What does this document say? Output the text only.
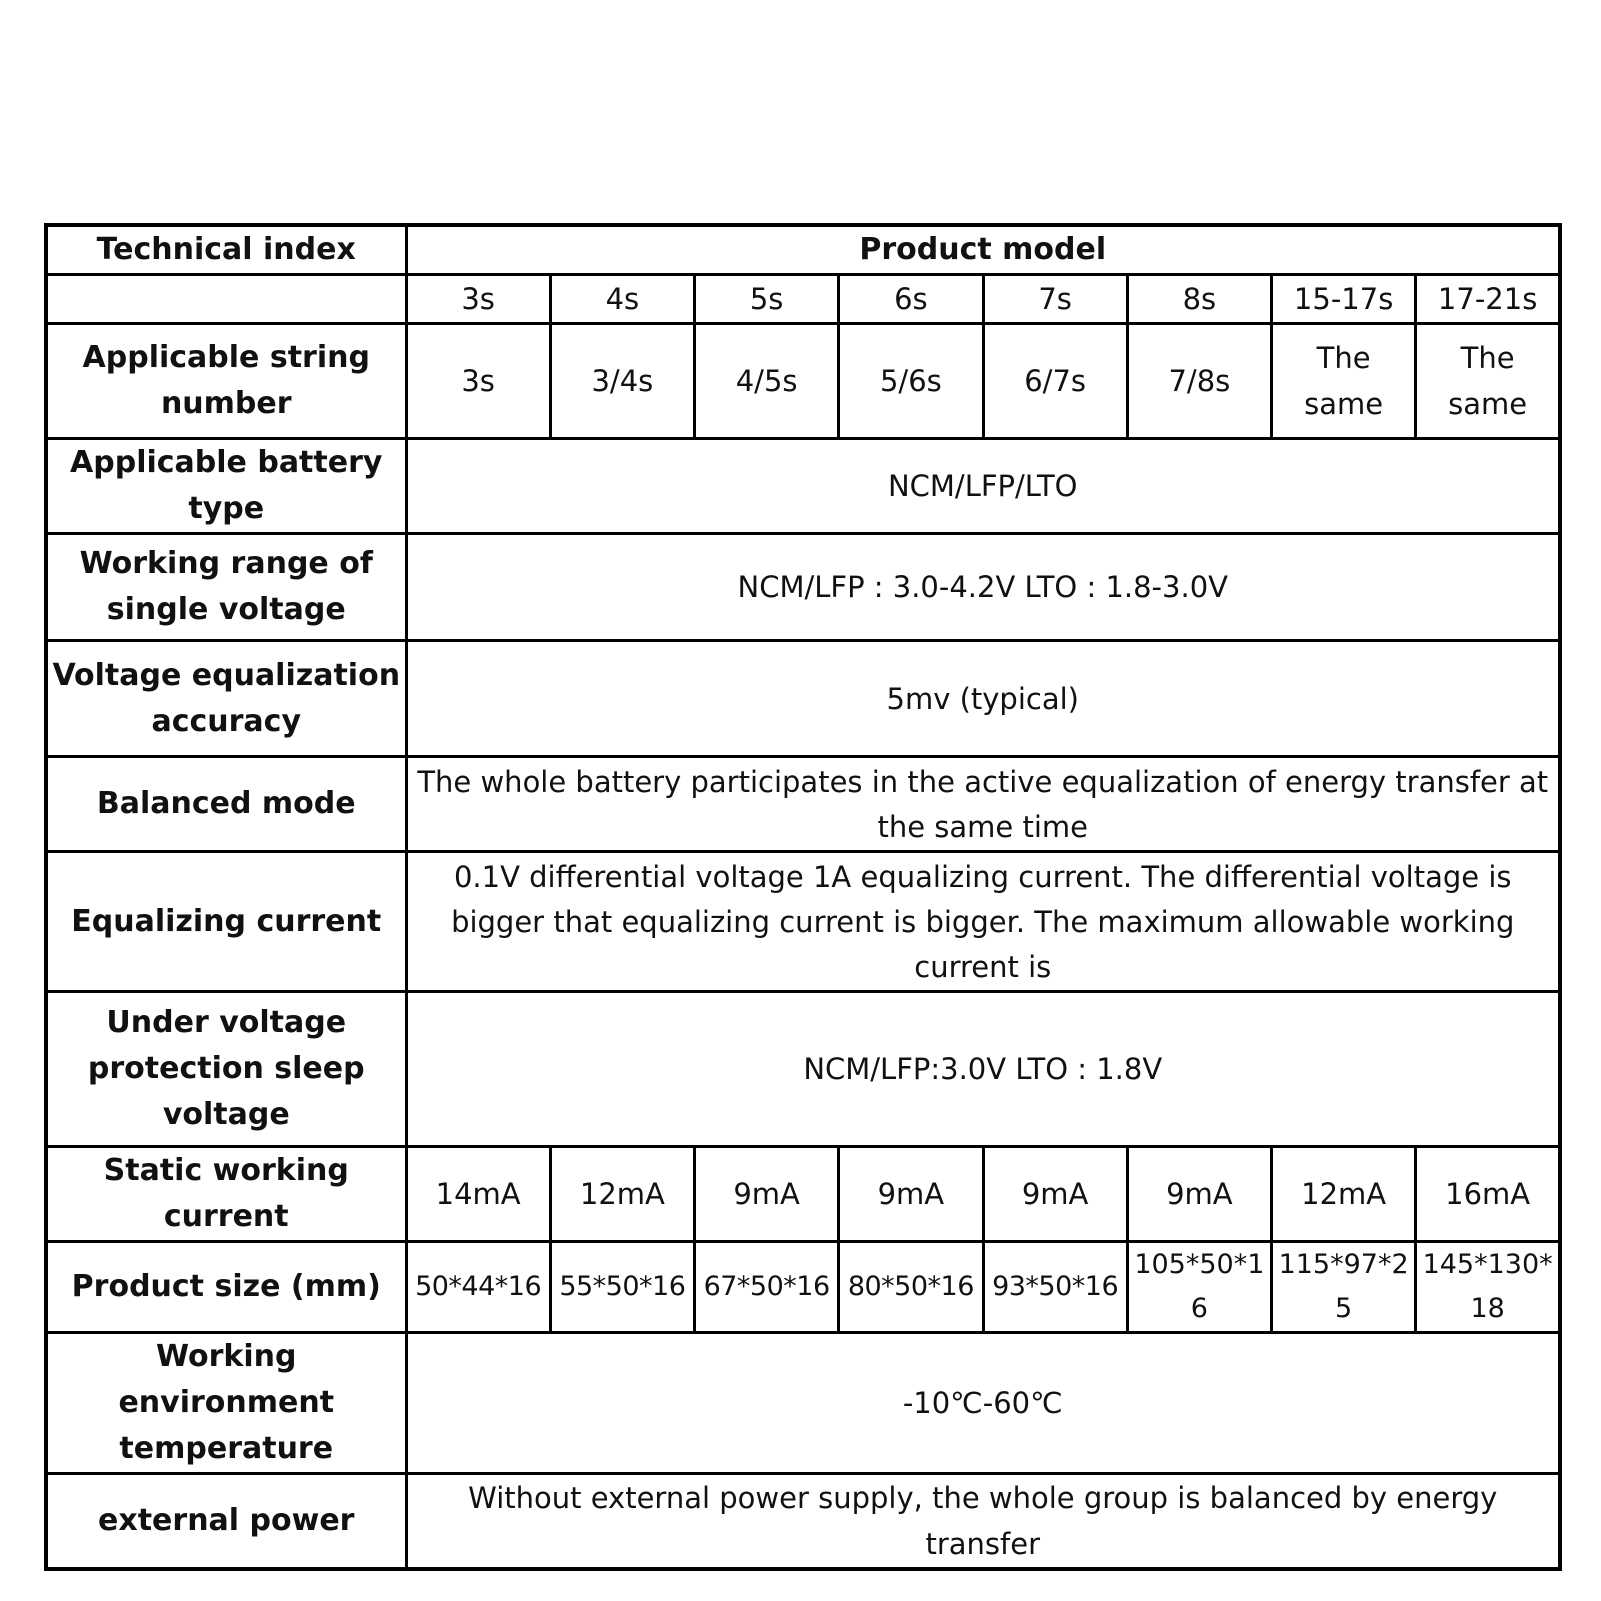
Technical index	Product model							
	3s	4s	5s	6s	7s	8s	15-17s	17-21s
Applicable string number	3s	3/4s	4/5s	5/6s	6/7s	7/8s	The same	The same
Applicable battery type	NCM/LFP/LTO							
Working range of single voltage	NCM/LFP : 3.0-4.2V LTO : 1.8-3.0V							
Voltage equalization accuracy	5mv (typical)							
Balanced mode	The whole battery participates in the active equalization of energy transfer at the same time							

Equalizing current	0.1V differential voltage 1A equalizing current. The differential voltage is bigger that equalizing current is bigger. The maximum allowable working current is							

Under voltage protection sleep voltage	NCM/LFP:3.0V LTO : 1.8V							
Static working current	14mA	12mA	9mA	9mA	9mA	9mA	12mA	16mA
Product size (mm)	50*44*16	55*50*16	67*50*16	80*50*16	93*50*16	105*50*16	115*97*25	145*130*18
Working environment temperature	-10℃-60℃							
external power	Without external power supply, the whole group is balanced by energy transfer							
